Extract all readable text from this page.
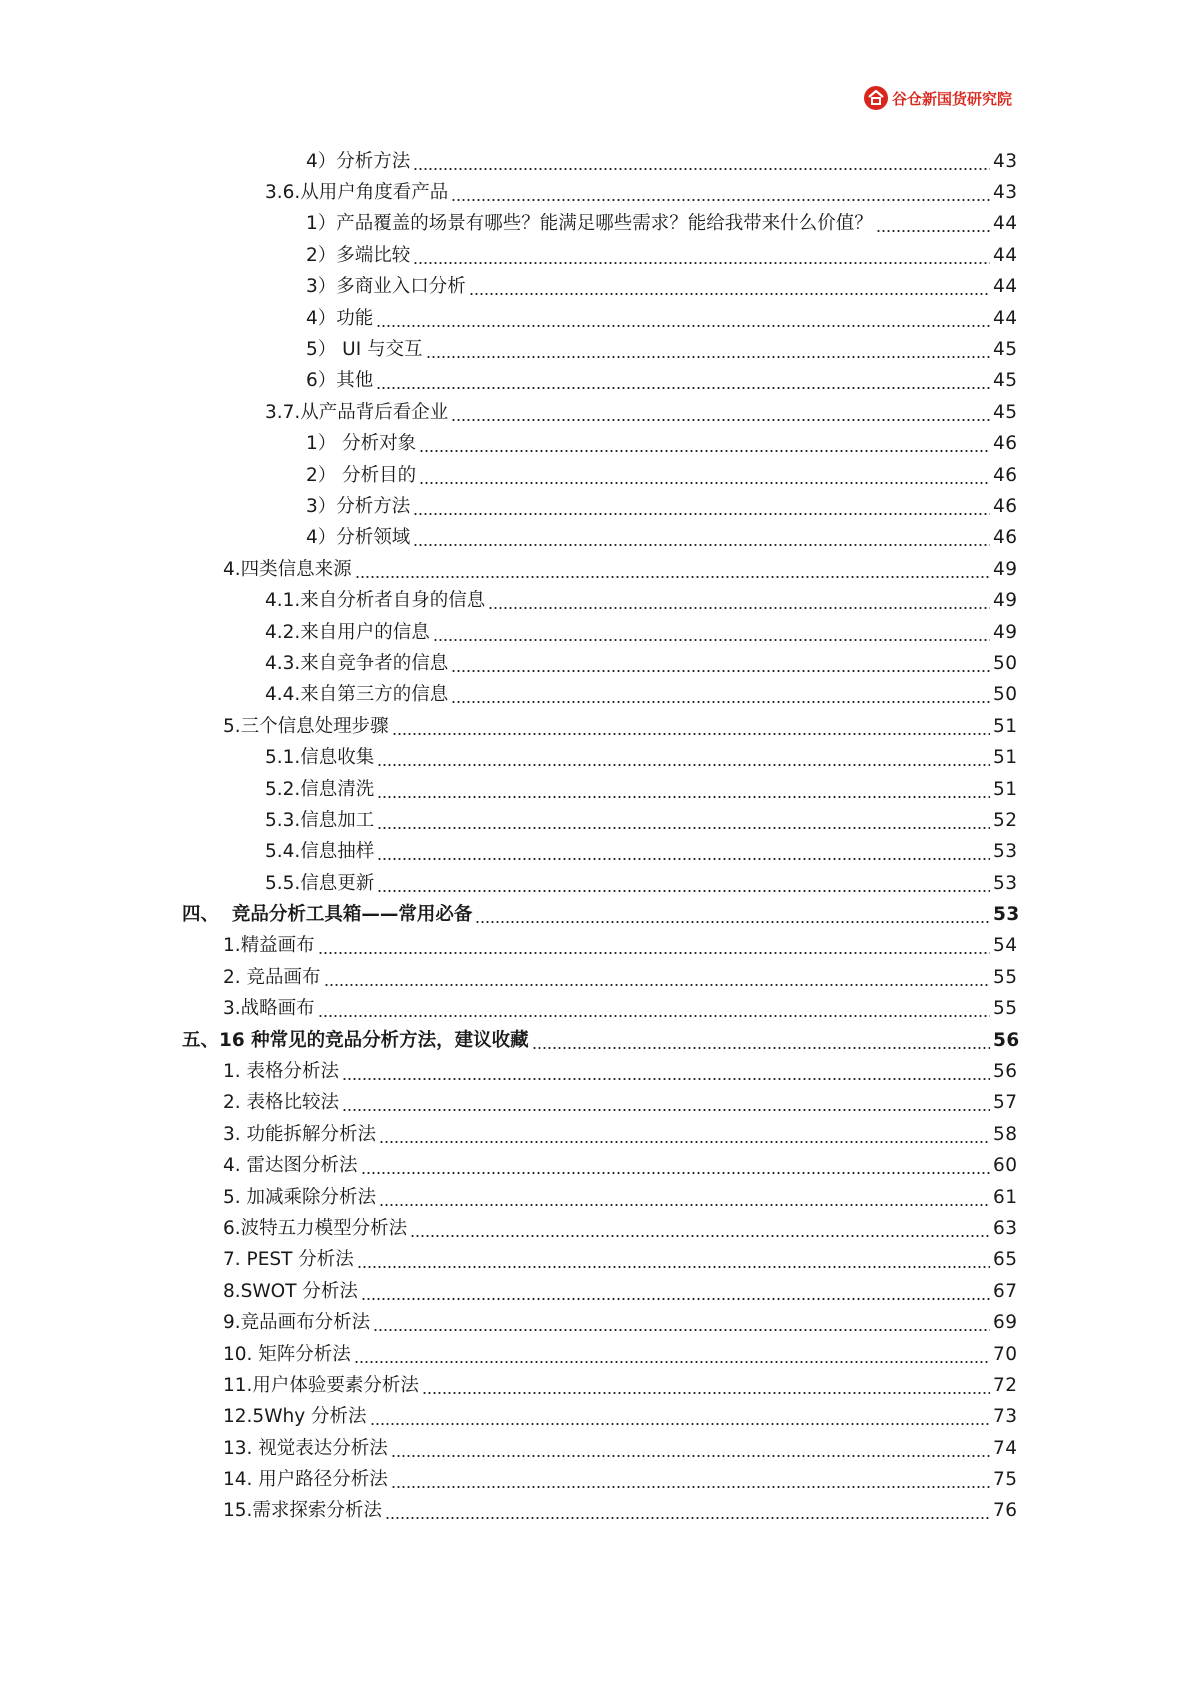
谷仓新国货研究院
4）分析方法	43
3.6.从用户角度看产品	43
1）产品覆盖的场景有哪些？能满足哪些需求？能给我带来什么价值？	44
2）多端比较	44
3）多商业入口分析	44
4）功能	44
5） UI 与交互	45
6）其他	45
3.7.从产品背后看企业	45
1） 分析对象	46
2） 分析目的	46
3）分析方法	46
4）分析领域	46
4.四类信息来源	49
4.1.来自分析者自身的信息	49
4.2.来自用户的信息	49
4.3.来自竞争者的信息	50
4.4.来自第三方的信息	50
5.三个信息处理步骤	51
5.1.信息收集	51
5.2.信息清洗	51
5.3.信息加工	52
5.4.信息抽样	53
5.5.信息更新	53
四、  竞品分析工具箱——常用必备	53
1.精益画布	54
2. 竞品画布	55
3.战略画布	55
五、16 种常见的竞品分析方法，建议收藏	56
1. 表格分析法	56
2. 表格比较法	57
3. 功能拆解分析法	58
4. 雷达图分析法	60
5. 加减乘除分析法	61
6.波特五力模型分析法	63
7. PEST 分析法	65
8.SWOT 分析法	67
9.竞品画布分析法	69
10. 矩阵分析法	70
11.用户体验要素分析法	72
12.5Why 分析法	73
13. 视觉表达分析法	74
14. 用户路径分析法	75
15.需求探索分析法	76
